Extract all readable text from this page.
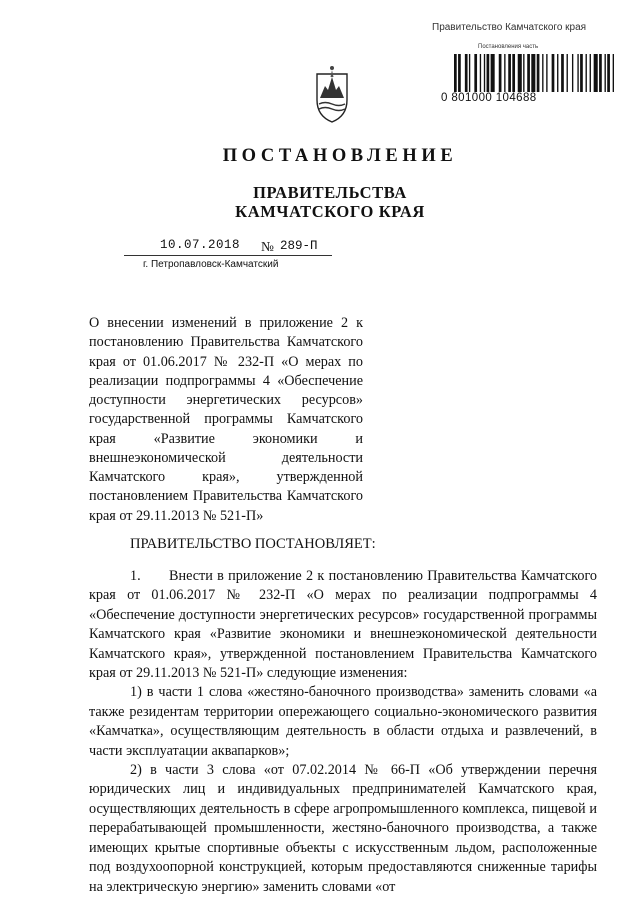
Правительство Камчатского края
Постановления часть
0 801000 104688
ПОСТАНОВЛЕНИЕ
ПРАВИТЕЛЬСТВА
КАМЧАТСКОГО КРАЯ
10.07.2018 № 289-П
г. Петропавловск-Камчатский
О внесении изменений в приложение 2 к постановлению Правительства Камчатского края от 01.06.2017 № 232-П «О мерах по реализации подпрограммы 4 «Обеспечение доступности энергетических ресурсов» государственной программы Камчатского края «Развитие экономики и внешнеэкономической деятельности Камчатского края», утвержденной постановлением Правительства Камчатского края от 29.11.2013 № 521-П»
ПРАВИТЕЛЬСТВО ПОСТАНОВЛЯЕТ:

1.  Внести в приложение 2 к постановлению Правительства Камчатского края от 01.06.2017 № 232-П «О мерах по реализации подпрограммы 4 «Обеспечение доступности энергетических ресурсов» государственной программы Камчатского края «Развитие экономики и внешнеэкономической деятельности Камчатского края», утвержденной постановлением Правительства Камчатского края от 29.11.2013 № 521-П» следующие изменения:

1) в части 1 слова «жестяно-баночного производства» заменить словами «а также резидентам территории опережающего социально-экономического развития «Камчатка», осуществляющим деятельность в области отдыха и развлечений, в части эксплуатации аквапарков»;

2) в части 3 слова «от 07.02.2014 № 66-П «Об утверждении перечня юридических лиц и индивидуальных предпринимателей Камчатского края, осуществляющих деятельность в сфере агропромышленного комплекса, пищевой и перерабатывающей промышленности, жестяно-баночного производства, а также имеющих крытые спортивные объекты с искусственным льдом, расположенные под воздухоопорной конструкцией, которым предоставляются сниженные тарифы на электрическую энергию» заменить словами «от
